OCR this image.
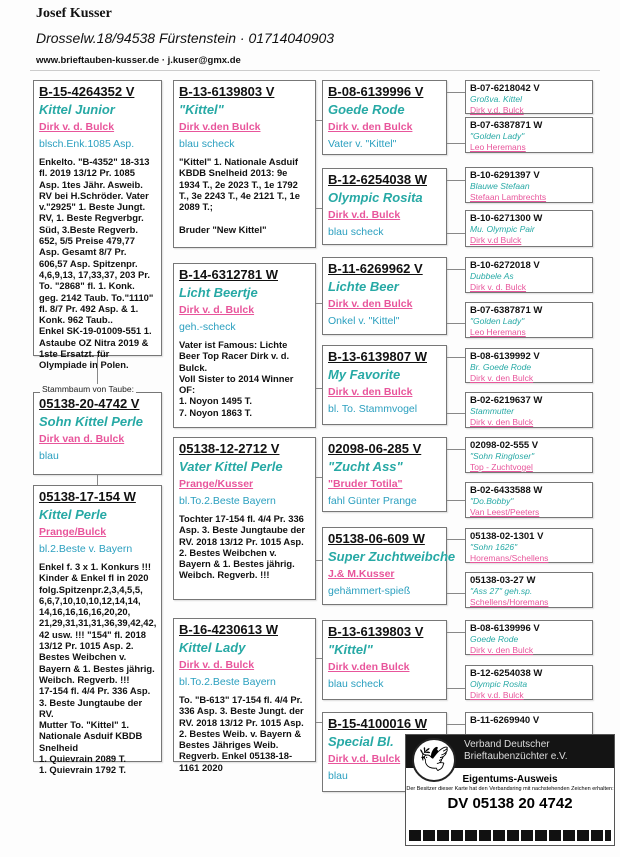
Josef Kusser
Drosselw.18/94538 Fürstenstein · 01714040903
www.brieftauben-kusser.de · j.kuser@gmx.de
B-15-4264352 V
Kittel Junior
Dirk v. d. Bulck
blsch.Enk.1085 Asp.
Enkelto. "B-4352" 18-313 fl. 2019 13/12 Pr. 1085 Asp. 1tes Jähr. Asweib. RV bei H.Schröder. Vater v."2925" 1. Beste Jungt. RV, 1. Beste Regverbgr. Süd, 3.Beste Regverb. 652, 5/5 Preise 479,77 Asp. Gesamt 8/7 Pr. 606,57 Asp. Spitzenpr. 4,6,9,13, 17,33,37, 203 Pr.
To. "2868" fl. 1. Konk. geg. 2142 Taub. To."1110" fl. 8/7 Pr. 492 Asp. & 1. Konk. 962 Taub..
Enkel SK-19-01009-551 1. Astaube OZ Nitra 2019 & 1ste Ersatzt. für Olympiade in Polen.
05138-20-4742 V
Sohn Kittel Perle
Dirk van d. Bulck
blau
05138-17-154 W
Kittel Perle
Prange/Bulck
bl.2.Beste v. Bayern
Enkel f. 3 x 1. Konkurs !!! Kinder & Enkel fl in 2020 folg.Spitzenpr.2,3,4,5,5, 6,6,7,10,10,10,12,14,14, 14,16,16,16,16,20,20, 21,29,31,31,31,36,39,42,42, 42 usw. !!! "154" fl. 2018 13/12 Pr. 1015 Asp. 2. Bestes Weibchen v. Bayern & 1. Bestes jährig. Weibch. Regverb. !!!
17-154 fl. 4/4 Pr. 336 Asp. 3. Beste Jungtaube der RV.
Mutter To. "Kittel" 1. Nationale Asduif KBDB Snelheid
1. Quievrain 2089 T.
1. Quievrain 1792 T.
B-13-6139803 V
"Kittel"
Dirk v.den Bulck
blau scheck
"Kittel" 1. Nationale Asduif KBDB Snelheid 2013: 9e 1934 T., 2e 2023 T., 1e 1792 T., 3e 2243 T., 4e 2121 T., 1e 2089 T.;

Bruder "New Kittel"
B-14-6312781 W
Licht Beertje
Dirk v. d. Bulck
geh.-scheck
Vater ist Famous: Lichte Beer Top Racer Dirk v. d. Bulck.
Voll Sister to 2014 Winner OF:
1. Noyon 1495 T.
7. Noyon 1863 T.
05138-12-2712 V
Vater Kittel Perle
Prange/Kusser
bl.To.2.Beste Bayern
Tochter 17-154 fl. 4/4 Pr. 336 Asp. 3. Beste Jungtaube der RV. 2018 13/12 Pr. 1015 Asp. 2. Bestes Weibchen v. Bayern & 1. Bestes jährig. Weibch. Regverb. !!!
B-16-4230613 W
Kittel Lady
Dirk v. d. Bulck
bl.To.2.Beste Bayern
To. "B-613" 17-154 fl. 4/4 Pr. 336 Asp. 3. Beste Jungt. der RV. 2018 13/12 Pr. 1015 Asp. 2. Bestes Weib. v. Bayern & Bestes Jähriges Weib. Regverb. Enkel 05138-18-1161 2020
B-08-6139996 V
Goede Rode
Dirk v. den Bulck
Vater v. "Kittel"
B-12-6254038 W
Olympic Rosita
Dirk v.d. Bulck
blau scheck
B-11-6269962 V
Lichte Beer
Dirk v. den Bulck
Onkel v. "Kittel"
B-13-6139807 W
My Favorite
Dirk v. den Bulck
bl. To. Stammvogel
02098-06-285 V
"Zucht Ass"
"Bruder Totila"
fahl Günter Prange
05138-06-609 W
Super Zuchtweibche
J.& M.Kusser
gehämmert-spieß
B-13-6139803 V
"Kittel"
Dirk v.den Bulck
blau scheck
B-15-4100016 W
Special Bl.
Dirk v.d. Bulck
blau
B-07-6218042 V
Großva. Kittel
Dirk v.d. Bulck
B-07-6387871 W
"Golden Lady"
Leo Heremans
B-10-6291397 V
Blauwe Stefaan
Stefaan Lambrechts
B-10-6271300 W
Mu. Olympic Pair
Dirk v.d Bulck
B-10-6272018 V
Dubbele As
Dirk v. d. Bulck
B-07-6387871 W
"Golden Lady"
Leo Heremans
B-08-6139992 V
Br. Goede Rode
Dirk v. den Bulck
B-02-6219637 W
Stammutter
Dirk v. den Bulck
02098-02-555 V
"Sohn Ringloser"
Top - Zuchtvogel
B-02-6433588 W
"Do.Bobby"
Van Leest/Peeters
05138-02-1301 V
"Sohn 1626"
Horemans/Schellens
05138-03-27 W
"Ass 27" geh.sp.
Schellens/Horemans
B-08-6139996 V
Goede Rode
Dirk v. den Bulck
B-12-6254038 W
Olympic Rosita
Dirk v.d. Bulck
B-11-6269940 V
Stammbaum von Taube:
Verband Deutscher
Brieftaubenzüchter e.V.
🕊
Eigentums-Ausweis
Der Besitzer dieser Karte hat den Verbandsring mit nachstehenden Zeichen erhalten:
DV 05138 20 4742
